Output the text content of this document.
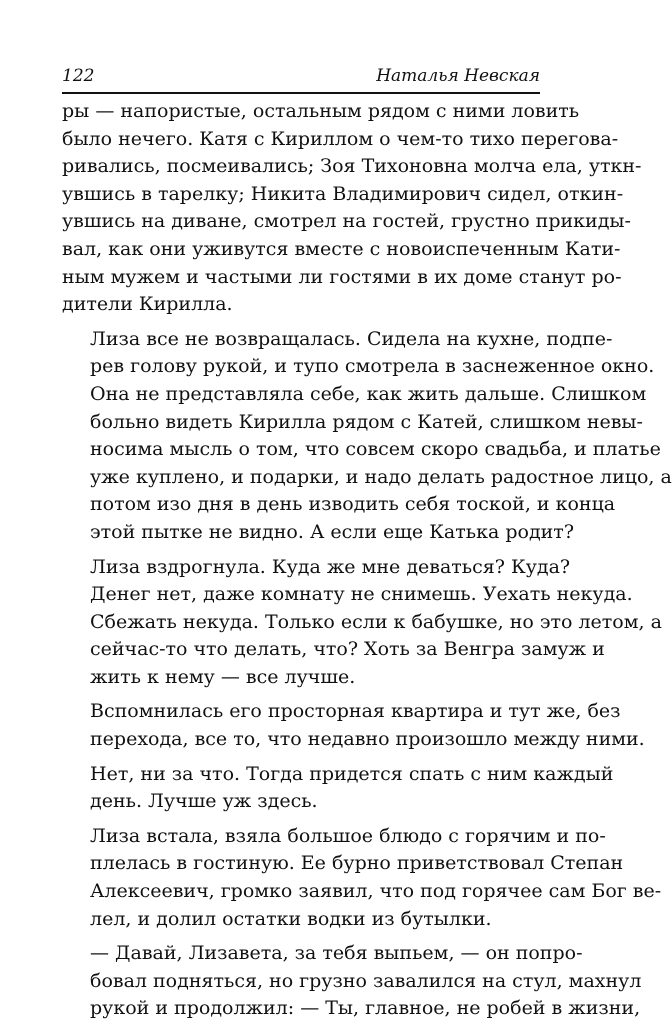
122	Наталья Невская
ры — напористые, остальным рядом с ними ловить
было нечего. Катя с Кириллом о чем-то тихо перегова-
ривались, посмеивались; Зоя Тихоновна молча ела, уткн-
увшись в тарелку; Никита Владимирович сидел, откин-
увшись на диване, смотрел на гостей, грустно прикиды-
вал, как они уживутся вместе с новоиспеченным Кати-
ным мужем и частыми ли гостями в их доме станут ро-
дители Кирилла.
Лиза все не возвращалась. Сидела на кухне, подпе-
рев голову рукой, и тупо смотрела в заснеженное окно.
Она не представляла себе, как жить дальше. Слишком
больно видеть Кирилла рядом с Катей, слишком невы-
носима мысль о том, что совсем скоро свадьба, и платье
уже куплено, и подарки, и надо делать радостное лицо, а
потом изо дня в день изводить себя тоской, и конца
этой пытке не видно. А если еще Катька родит?
Лиза вздрогнула. Куда же мне деваться? Куда?
Денег нет, даже комнату не снимешь. Уехать некуда.
Сбежать некуда. Только если к бабушке, но это летом, а
сейчас-то что делать, что? Хоть за Венгра замуж и
жить к нему — все лучше.
Вспомнилась его просторная квартира и тут же, без
перехода, все то, что недавно произошло между ними.
Нет, ни за что. Тогда придется спать с ним каждый
день. Лучше уж здесь.
Лиза встала, взяла большое блюдо с горячим и по-
плелась в гостиную. Ее бурно приветствовал Степан
Алексеевич, громко заявил, что под горячее сам Бог ве-
лел, и долил остатки водки из бутылки.
— Давай, Лизавета, за тебя выпьем, — он попро-
бовал подняться, но грузно завалился на стул, махнул
рукой и продолжил: — Ты, главное, не робей в жизни,
